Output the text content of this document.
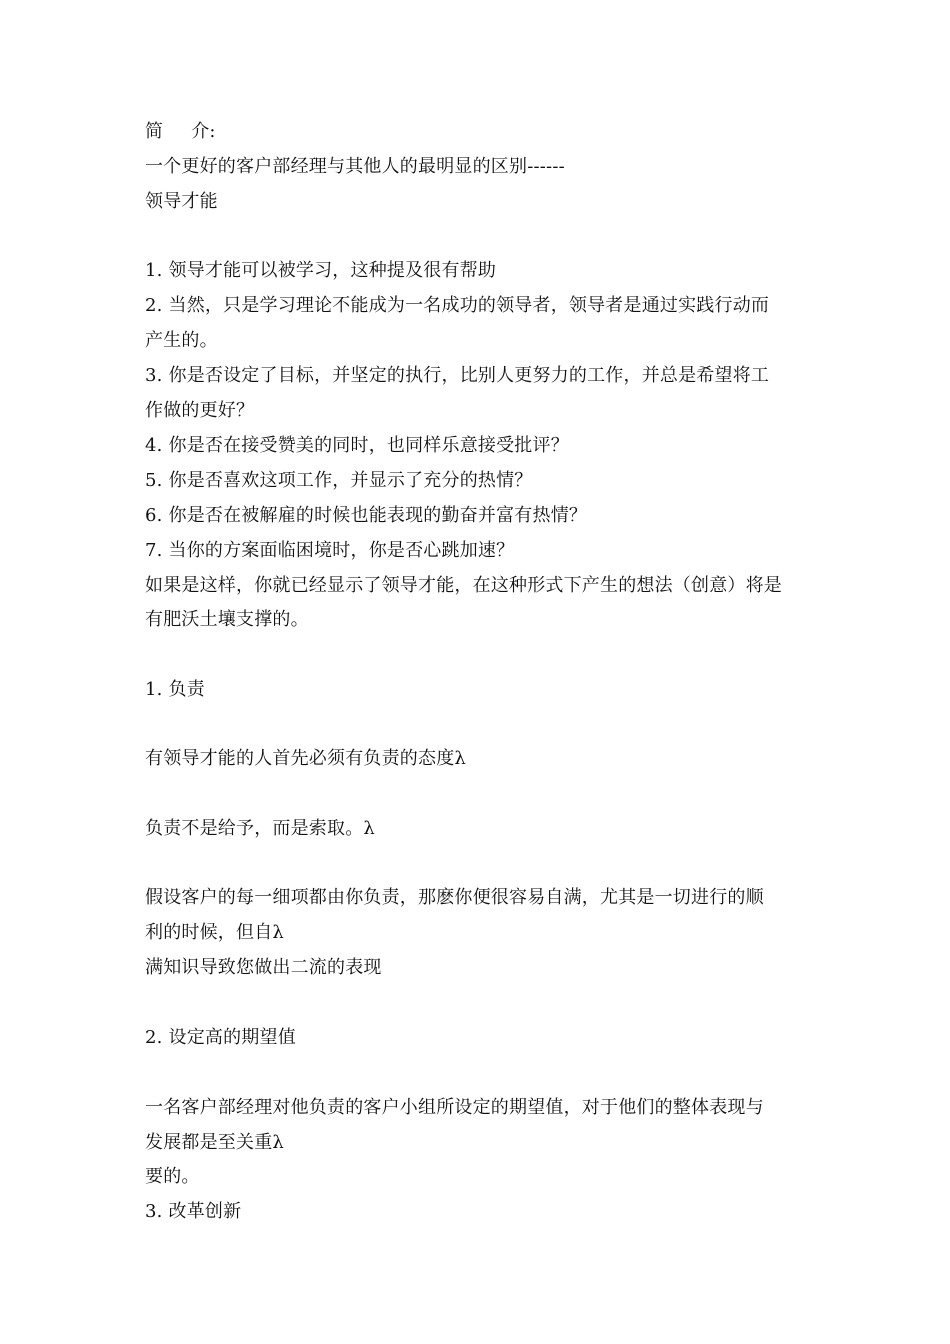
简 介:
一个更好的客户部经理与其他人的最明显的区别------
领导才能
1. 领导才能可以被学习，这种提及很有帮助
2. 当然，只是学习理论不能成为一名成功的领导者，领导者是通过实践行动而
产生的。
3. 你是否设定了目标，并坚定的执行，比别人更努力的工作，并总是希望将工
作做的更好？
4. 你是否在接受赞美的同时，也同样乐意接受批评？
5. 你是否喜欢这项工作，并显示了充分的热情？
6. 你是否在被解雇的时候也能表现的勤奋并富有热情？
7. 当你的方案面临困境时，你是否心跳加速？
如果是这样，你就已经显示了领导才能，在这种形式下产生的想法（创意）将是
有肥沃土壤支撑的。
1. 负责
有领导才能的人首先必须有负责的态度λ
负责不是给予，而是索取。λ
假设客户的每一细项都由你负责，那麽你便很容易自满，尤其是一切进行的顺
利的时候，但自λ
满知识导致您做出二流的表现
2. 设定高的期望值
一名客户部经理对他负责的客户小组所设定的期望值，对于他们的整体表现与
发展都是至关重λ
要的。
3. 改革创新
